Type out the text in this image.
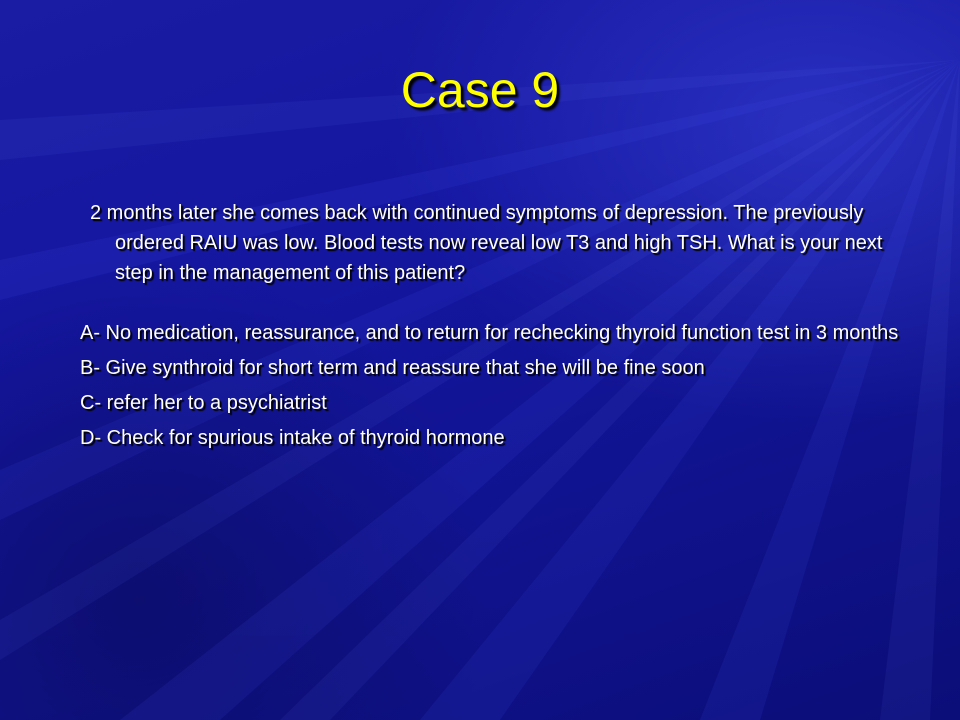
Case 9

2 months later she comes back with continued symptoms of depression. The previously ordered RAIU was low. Blood tests now reveal low T3 and high TSH. What is your next step in the management of this patient?

A- No medication, reassurance, and to return for rechecking thyroid function test in 3 months

B- Give synthroid for short term and reassure that she will be fine soon

C- refer her to a psychiatrist

D- Check for spurious intake of thyroid hormone
